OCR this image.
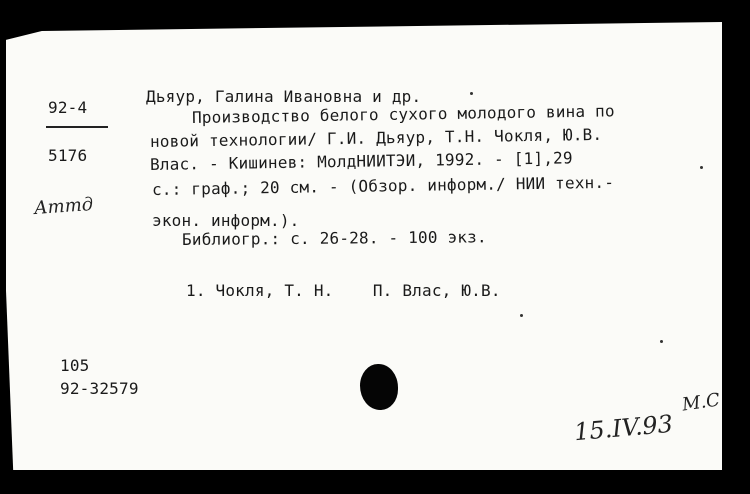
92-4
5176
Аттд
Дьяур, Галина Ивановна и др.
Производство белого сухого молодого вина по
новой технологии/ Г.И. Дьяур, Т.Н. Чокля, Ю.В.
Влас. - Кишинев: МолдНИИТЭИ, 1992. - [1],29
с.: граф.; 20 см. - (Обзор. информ./ НИИ техн.-
экон. информ.).
Библиогр.: с. 26-28. - 100 экз.
1. Чокля, Т. Н.    П. Влас, Ю.В.
105
92-32579
15.IV.93
М.С
